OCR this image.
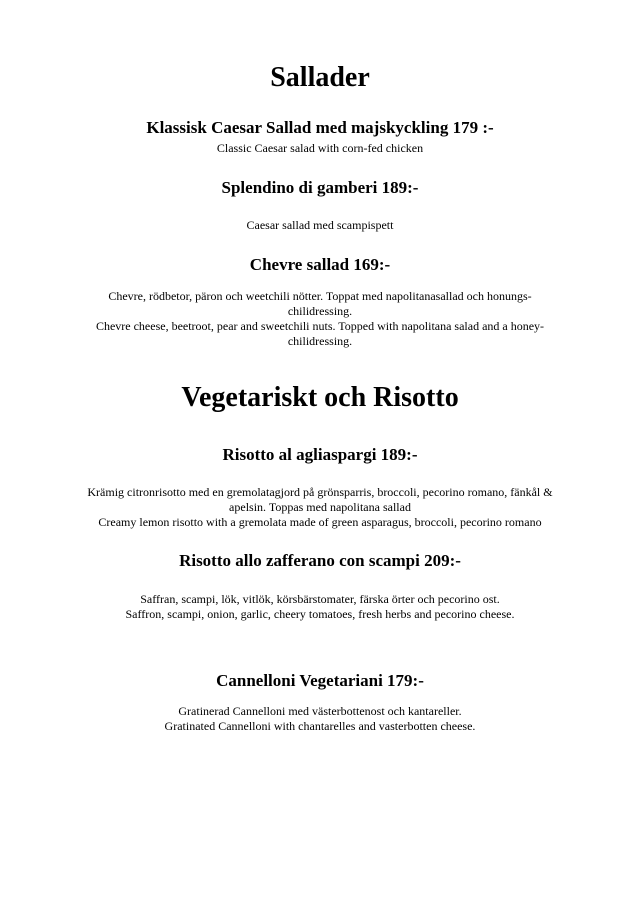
Sallader
Klassisk Caesar Sallad med majskyckling 179 :-
Classic Caesar salad with corn-fed chicken
Splendino di gamberi 189:-
Caesar sallad med scampispett
Chevre sallad 169:-
Chevre, rödbetor, päron och weetchili nötter. Toppat med napolitanasallad och honungs-
chilidressing.
Chevre cheese, beetroot, pear and sweetchili nuts. Topped with napolitana salad and a honey-
chilidressing.
Vegetariskt och Risotto
Risotto al agliaspargi 189:-
Krämig citronrisotto med en gremolatagjord på grönsparris, broccoli, pecorino romano, fänkål &
apelsin. Toppas med napolitana sallad
Creamy lemon risotto with a gremolata made of green asparagus, broccoli, pecorino romano
Risotto allo zafferano con scampi 209:-
Saffran, scampi, lök, vitlök, körsbärstomater, färska örter och pecorino ost.
Saffron, scampi, onion, garlic, cheery tomatoes, fresh herbs and pecorino cheese.
Cannelloni Vegetariani 179:-
Gratinerad Cannelloni med västerbottenost och kantareller.
Gratinated Cannelloni with chantarelles and vasterbotten cheese.
